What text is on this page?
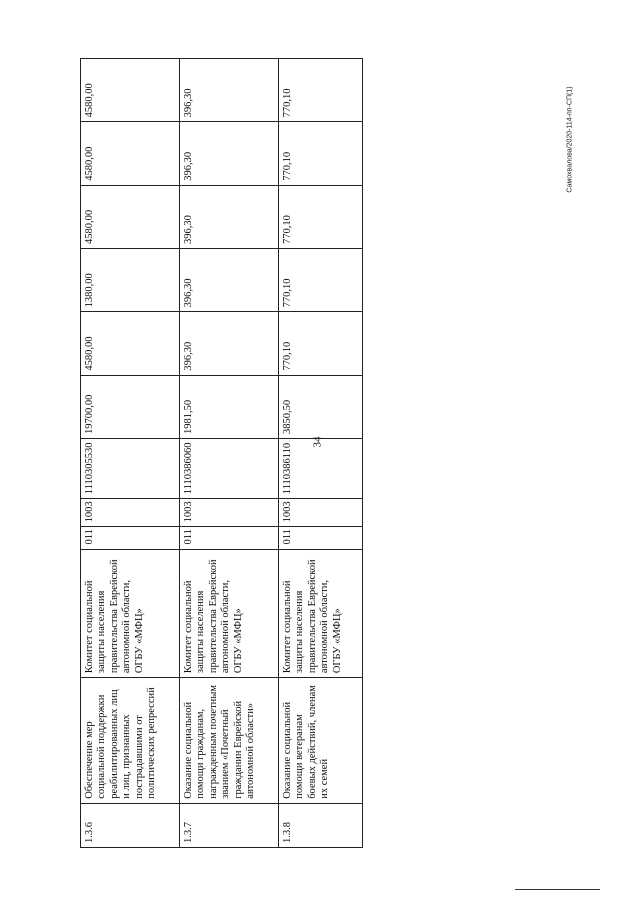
34
Самохвалова/2020-114-пп-СП(1)
1.3.6	Обеспечение мер социальной поддержки реабилитированных лиц и лиц, признанных пострадавшими от политических репрессий	Комитет социальной защиты населения правительства Еврейской автономной области, ОГБУ «МФЦ»	011	1003	1110305530	19700,00	4580,00	1380,00	4580,00	4580,00	4580,00
1.3.7	Оказание социальной помощи гражданам, награжденным почетным званием «Почетный гражданин Еврейской автономной области»	Комитет социальной защиты населения правительства Еврейской автономной области, ОГБУ «МФЦ»	011	1003	1110386060	1981,50	396,30	396,30	396,30	396,30	396,30
1.3.8	Оказание социальной помощи ветеранам боевых действий, членам их семей	Комитет социальной защиты населения правительства Еврейской автономной области, ОГБУ «МФЦ»	011	1003	1110386110	3850,50	770,10	770,10	770,10	770,10	770,10
